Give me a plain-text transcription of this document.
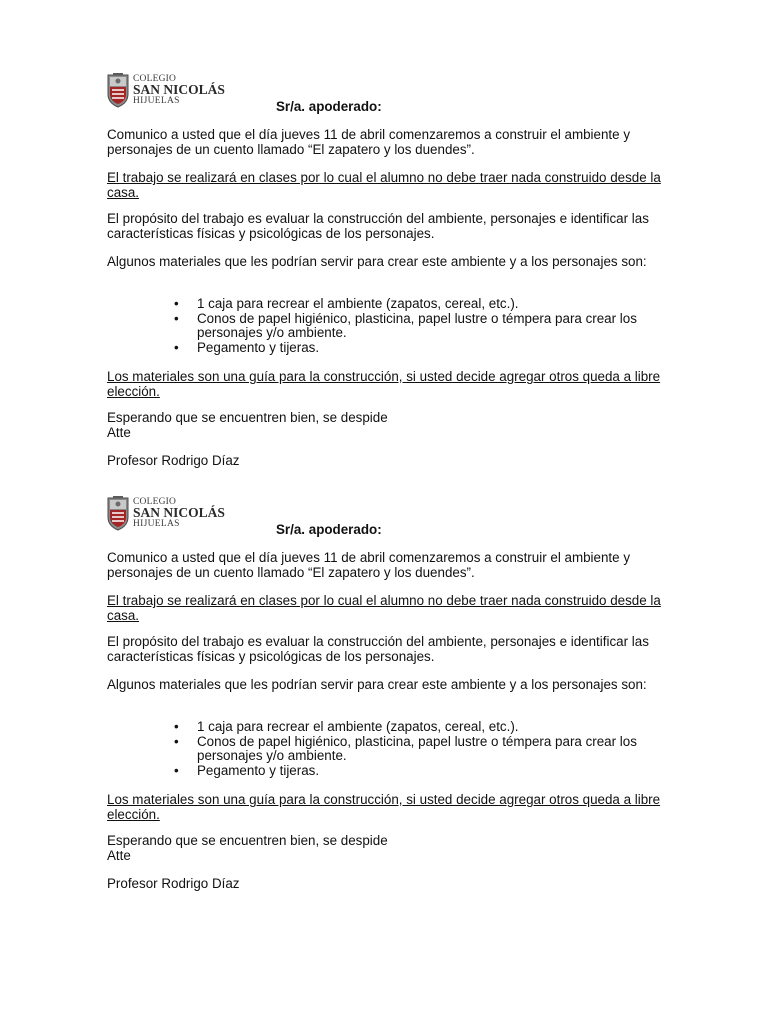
COLEGIO
SAN NICOLÁS
HIJUELAS	Sr/a. apoderado:

Comunico a usted que el día jueves 11 de abril comenzaremos a construir el ambiente y personajes de un cuento llamado “El zapatero y los duendes”.

El trabajo se realizará en clases por lo cual el alumno no debe traer nada construido desde la casa.

El propósito del trabajo es evaluar la construcción del ambiente, personajes e identificar las características físicas y psicológicas de los personajes.

Algunos materiales que les podrían servir para crear este ambiente y a los personajes son:

• 1 caja para recrear el ambiente (zapatos, cereal, etc.).
• Conos de papel higiénico, plasticina, papel lustre o témpera para crear los personajes y/o ambiente.
• Pegamento y tijeras.

Los materiales son una guía para la construcción, si usted decide agregar otros queda a libre elección.

Esperando que se encuentren bien, se despide

Atte

Profesor Rodrigo Díaz

COLEGIO
SAN NICOLÁS
HIJUELAS	Sr/a. apoderado:

Comunico a usted que el día jueves 11 de abril comenzaremos a construir el ambiente y personajes de un cuento llamado “El zapatero y los duendes”.

El trabajo se realizará en clases por lo cual el alumno no debe traer nada construido desde la casa.

El propósito del trabajo es evaluar la construcción del ambiente, personajes e identificar las características físicas y psicológicas de los personajes.

Algunos materiales que les podrían servir para crear este ambiente y a los personajes son:

• 1 caja para recrear el ambiente (zapatos, cereal, etc.).
• Conos de papel higiénico, plasticina, papel lustre o témpera para crear los personajes y/o ambiente.
• Pegamento y tijeras.

Los materiales son una guía para la construcción, si usted decide agregar otros queda a libre elección.

Esperando que se encuentren bien, se despide

Atte

Profesor Rodrigo Díaz
